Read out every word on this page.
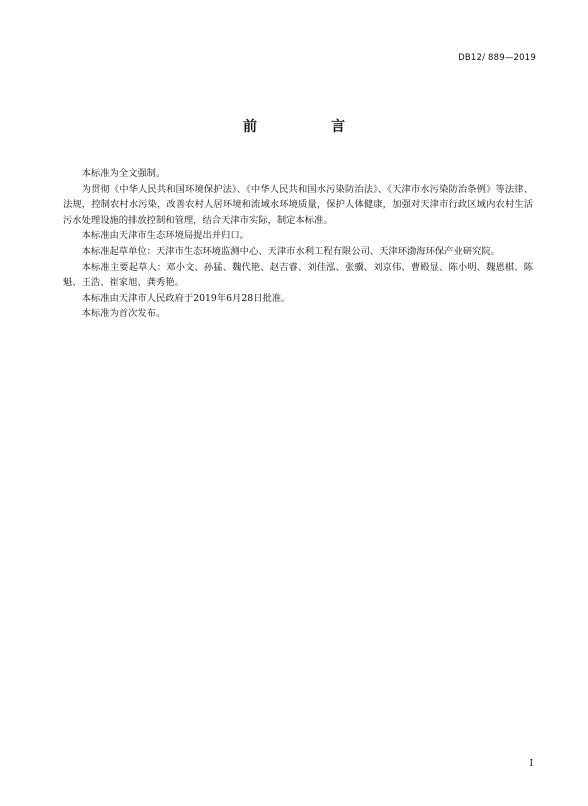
DB12/ 889—2019
前　言

本标准为全文强制。

为贯彻《中华人民共和国环境保护法》、《中华人民共和国水污染防治法》、《天津市水污染防治条例》等法律、法规，控制农村水污染，改善农村人居环境和流域水环境质量，保护人体健康，加强对天津市行政区域内农村生活污水处理设施的排放控制和管理，结合天津市实际，制定本标准。

本标准由天津市生态环境局提出并归口。

本标准起草单位：天津市生态环境监测中心、天津市水利工程有限公司、天津环渤海环保产业研究院。

本标准主要起草人：邓小文、孙猛、魏代艳、赵吉睿、刘佳泓、张骥、刘京伟、曹殿显、陈小明、魏恩棋、陈魁、王浩、崔家旭、龚秀艳。

本标准由天津市人民政府于2019年6月28日批准。

本标准为首次发布。

I
